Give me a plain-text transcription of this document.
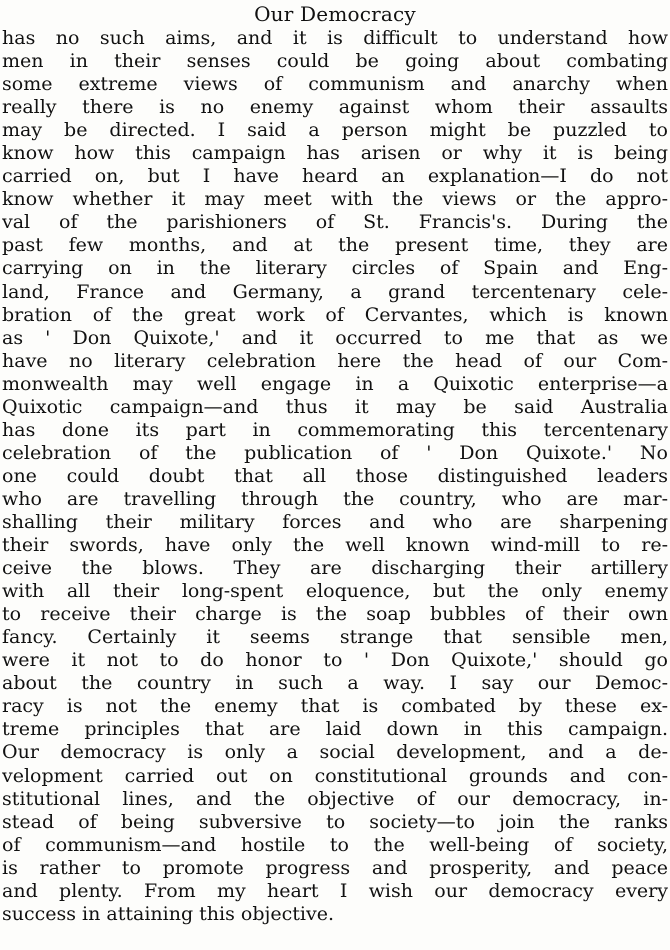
Our Democracy
has no such aims, and it is difficult to understand how
men in their senses could be going about combating
some extreme views of communism and anarchy when
really there is no enemy against whom their assaults
may be directed. I said a person might be puzzled to
know how this campaign has arisen or why it is being
carried on, but I have heard an explanation—I do not
know whether it may meet with the views or the appro-
val of the parishioners of St. Francis's. During the
past few months, and at the present time, they are
carrying on in the literary circles of Spain and Eng-
land, France and Germany, a grand tercentenary cele-
bration of the great work of Cervantes, which is known
as ' Don Quixote,' and it occurred to me that as we
have no literary celebration here the head of our Com-
monwealth may well engage in a Quixotic enterprise—a
Quixotic campaign—and thus it may be said Australia
has done its part in commemorating this tercentenary
celebration of the publication of ' Don Quixote.' No
one could doubt that all those distinguished leaders
who are travelling through the country, who are mar-
shalling their military forces and who are sharpening
their swords, have only the well known wind-mill to re-
ceive the blows. They are discharging their artillery
with all their long-spent eloquence, but the only enemy
to receive their charge is the soap bubbles of their own
fancy. Certainly it seems strange that sensible men,
were it not to do honor to ' Don Quixote,' should go
about the country in such a way. I say our Democ-
racy is not the enemy that is combated by these ex-
treme principles that are laid down in this campaign.
Our democracy is only a social development, and a de-
velopment carried out on constitutional grounds and con-
stitutional lines, and the objective of our democracy, in-
stead of being subversive to society—to join the ranks
of communism—and hostile to the well-being of society,
is rather to promote progress and prosperity, and peace
and plenty. From my heart I wish our democracy every
success in attaining this objective.
